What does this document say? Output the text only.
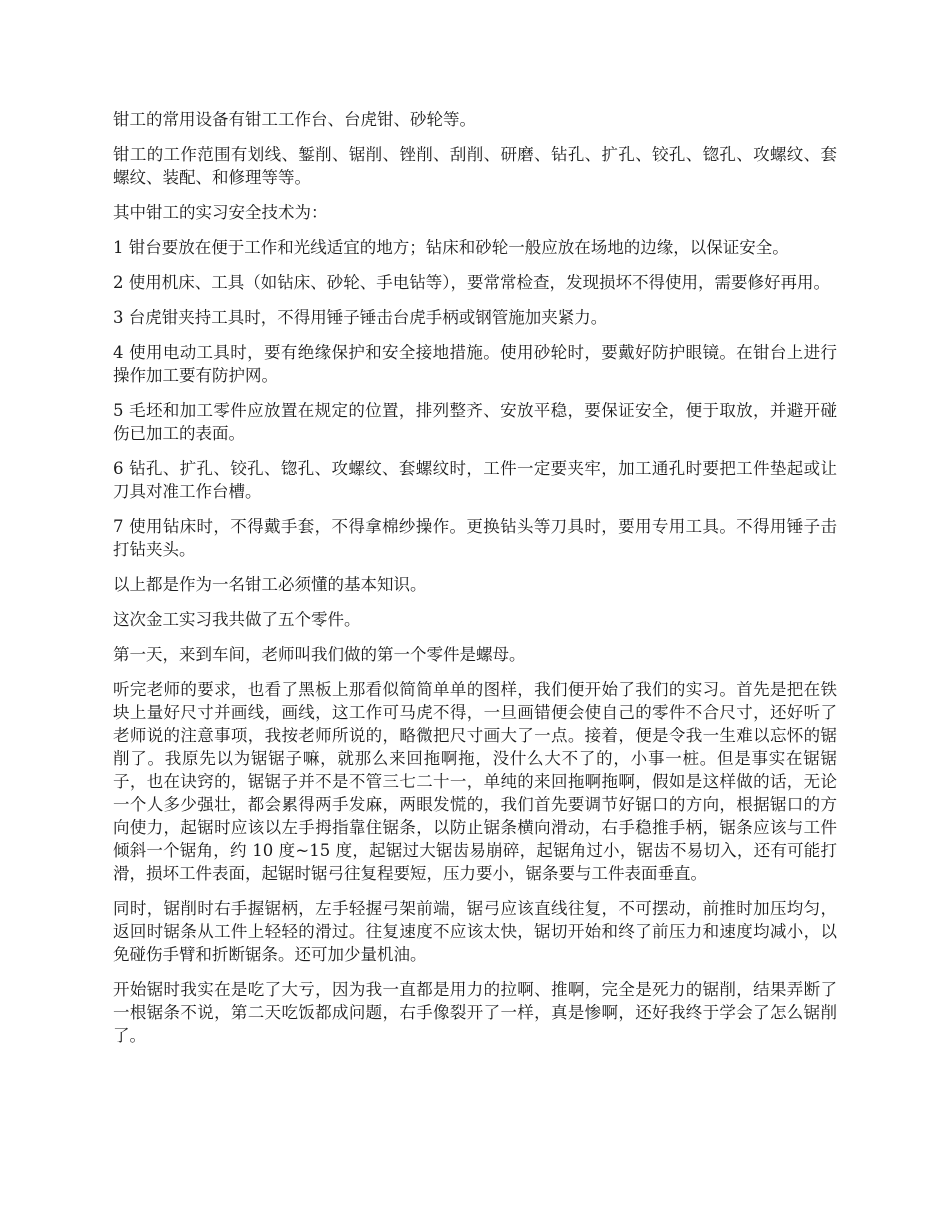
钳工的常用设备有钳工工作台、台虎钳、砂轮等。

钳工的工作范围有划线、錾削、锯削、锉削、刮削、研磨、钻孔、扩孔、铰孔、锪孔、攻螺纹、套螺纹、装配、和修理等等。

其中钳工的实习安全技术为：

1 钳台要放在便于工作和光线适宜的地方；钻床和砂轮一般应放在场地的边缘，以保证安全。

2 使用机床、工具（如钻床、砂轮、手电钻等），要常常检查，发现损坏不得使用，需要修好再用。

3 台虎钳夹持工具时，不得用锤子锤击台虎手柄或钢管施加夹紧力。

4 使用电动工具时，要有绝缘保护和安全接地措施。使用砂轮时，要戴好防护眼镜。在钳台上进行操作加工要有防护网。

5 毛坯和加工零件应放置在规定的位置，排列整齐、安放平稳，要保证安全，便于取放，并避开碰伤已加工的表面。

6 钻孔、扩孔、铰孔、锪孔、攻螺纹、套螺纹时，工件一定要夹牢，加工通孔时要把工件垫起或让刀具对准工作台槽。

7 使用钻床时，不得戴手套，不得拿棉纱操作。更换钻头等刀具时，要用专用工具。不得用锤子击打钻夹头。

以上都是作为一名钳工必须懂的基本知识。

这次金工实习我共做了五个零件。

第一天，来到车间，老师叫我们做的第一个零件是螺母。

听完老师的要求，也看了黑板上那看似简简单单的图样，我们便开始了我们的实习。首先是把在铁块上量好尺寸并画线，画线，这工作可马虎不得，一旦画错便会使自己的零件不合尺寸，还好听了老师说的注意事项，我按老师所说的，略微把尺寸画大了一点。接着，便是令我一生难以忘怀的锯削了。我原先以为锯锯子嘛，就那么来回拖啊拖，没什么大不了的，小事一桩。但是事实在锯锯子，也在诀窍的，锯锯子并不是不管三七二十一，单纯的来回拖啊拖啊，假如是这样做的话，无论一个人多少强壮，都会累得两手发麻，两眼发慌的，我们首先要调节好锯口的方向，根据锯口的方向使力，起锯时应该以左手拇指靠住锯条，以防止锯条横向滑动，右手稳推手柄，锯条应该与工件倾斜一个锯角，约 10 度~15 度，起锯过大锯齿易崩碎，起锯角过小，锯齿不易切入，还有可能打滑，损坏工件表面，起锯时锯弓往复程要短，压力要小，锯条要与工件表面垂直。

同时，锯削时右手握锯柄，左手轻握弓架前端，锯弓应该直线往复，不可摆动，前推时加压均匀，返回时锯条从工件上轻轻的滑过。往复速度不应该太快，锯切开始和终了前压力和速度均减小，以免碰伤手臂和折断锯条。还可加少量机油。

开始锯时我实在是吃了大亏，因为我一直都是用力的拉啊、推啊，完全是死力的锯削，结果弄断了一根锯条不说，第二天吃饭都成问题，右手像裂开了一样，真是惨啊，还好我终于学会了怎么锯削了。
